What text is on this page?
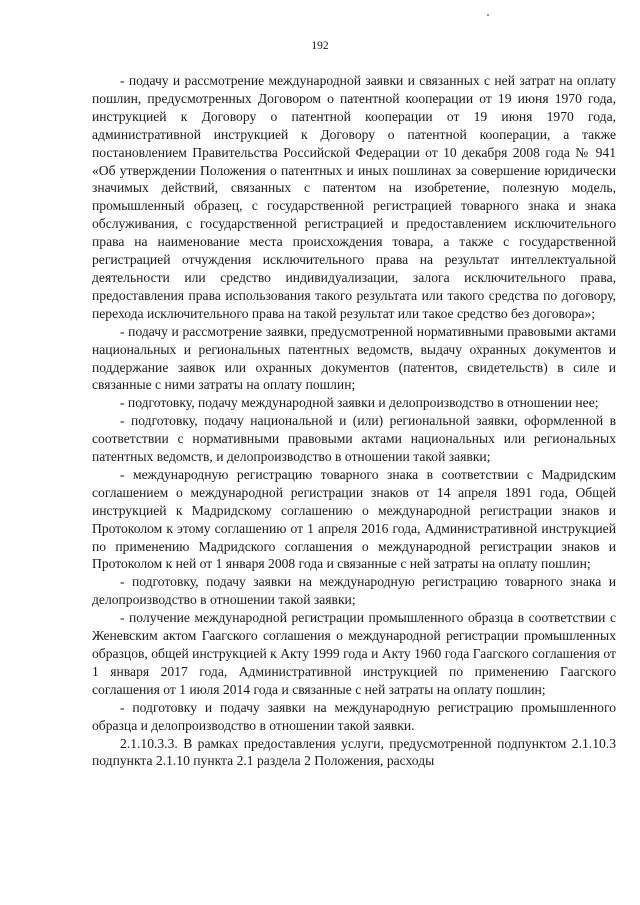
192

- подачу и рассмотрение международной заявки и связанных с ней затрат на оплату пошлин, предусмотренных Договором о патентной кооперации от 19 июня 1970 года, инструкцией к Договору о патентной кооперации от 19 июня 1970 года, административной инструкцией к Договору о патентной кооперации, а также постановлением Правительства Российской Федерации от 10 декабря 2008 года № 941 «Об утверждении Положения о патентных и иных пошлинах за совершение юридически значимых действий, связанных с патентом на изобретение, полезную модель, промышленный образец, с государственной регистрацией товарного знака и знака обслуживания, с государственной регистрацией и предоставлением исключительного права на наименование места происхождения товара, а также с государственной регистрацией отчуждения исключительного права на результат интеллектуальной деятельности или средство индивидуализации, залога исключительного права, предоставления права использования такого результата или такого средства по договору, перехода исключительного права на такой результат или такое средство без договора»;

- подачу и рассмотрение заявки, предусмотренной нормативными правовыми актами национальных и региональных патентных ведомств, выдачу охранных документов и поддержание заявок или охранных документов (патентов, свидетельств) в силе и связанные с ними затраты на оплату пошлин;

- подготовку, подачу международной заявки и делопроизводство в отношении нее;

- подготовку, подачу национальной и (или) региональной заявки, оформленной в соответствии с нормативными правовыми актами национальных или региональных патентных ведомств, и делопроизводство в отношении такой заявки;

- международную регистрацию товарного знака в соответствии с Мадридским соглашением о международной регистрации знаков от 14 апреля 1891 года, Общей инструкцией к Мадридскому соглашению о международной регистрации знаков и Протоколом к этому соглашению от 1 апреля 2016 года, Административной инструкцией по применению Мадридского соглашения о международной регистрации знаков и Протоколом к ней от 1 января 2008 года и связанные с ней затраты на оплату пошлин;

- подготовку, подачу заявки на международную регистрацию товарного знака и делопроизводство в отношении такой заявки;

- получение международной регистрации промышленного образца в соответствии с Женевским актом Гаагского соглашения о международной регистрации промышленных образцов, общей инструкцией к Акту 1999 года и Акту 1960 года Гаагского соглашения от 1 января 2017 года, Административной инструкцией по применению Гаагского соглашения от 1 июля 2014 года и связанные с ней затраты на оплату пошлин;

- подготовку и подачу заявки на международную регистрацию промышленного образца и делопроизводство в отношении такой заявки.

2.1.10.3.3. В рамках предоставления услуги, предусмотренной подпунктом 2.1.10.3 подпункта 2.1.10 пункта 2.1 раздела 2 Положения, расходы
